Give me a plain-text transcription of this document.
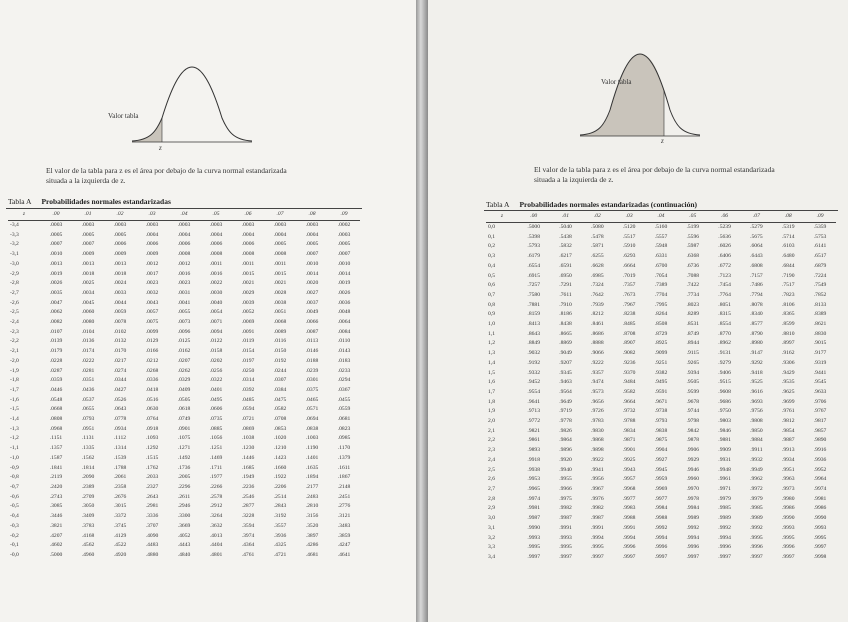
Valor tabla
z
El valor de la tabla para z es el área por debajo de la curva normal estandarizada situada a la izquierda de z.
Tabla A Probabilidades normales estandarizadas
z	.00	.01	.02	.03	.04	.05	.06	.07	.08	.09
-3,4	.0003	.0003	.0003	.0003	.0003	.0003	.0003	.0003	.0003	.0002
-3,3	.0005	.0005	.0005	.0004	.0004	.0004	.0004	.0004	.0004	.0003
-3,2	.0007	.0007	.0006	.0006	.0006	.0006	.0006	.0005	.0005	.0005
-3,1	.0010	.0009	.0009	.0009	.0008	.0008	.0008	.0008	.0007	.0007
-3,0	.0013	.0013	.0013	.0012	.0012	.0011	.0011	.0011	.0010	.0010
-2,9	.0019	.0018	.0018	.0017	.0016	.0016	.0015	.0015	.0014	.0014
-2,8	.0026	.0025	.0024	.0023	.0023	.0022	.0021	.0021	.0020	.0019
-2,7	.0035	.0034	.0033	.0032	.0031	.0030	.0029	.0028	.0027	.0026
-2,6	.0047	.0045	.0044	.0043	.0041	.0040	.0039	.0038	.0037	.0036
-2,5	.0062	.0060	.0059	.0057	.0055	.0054	.0052	.0051	.0049	.0048
-2,4	.0082	.0080	.0078	.0075	.0073	.0071	.0069	.0068	.0066	.0064
-2,3	.0107	.0104	.0102	.0099	.0096	.0094	.0091	.0089	.0087	.0084
-2,2	.0139	.0136	.0132	.0129	.0125	.0122	.0119	.0116	.0113	.0110
-2,1	.0179	.0174	.0170	.0166	.0162	.0158	.0154	.0150	.0146	.0143
-2,0	.0228	.0222	.0217	.0212	.0207	.0202	.0197	.0192	.0188	.0183
-1,9	.0287	.0281	.0274	.0268	.0262	.0256	.0250	.0244	.0239	.0233
-1,8	.0359	.0351	.0344	.0336	.0329	.0322	.0314	.0307	.0301	.0294
-1,7	.0446	.0436	.0427	.0418	.0409	.0401	.0392	.0384	.0375	.0367
-1,6	.0548	.0537	.0526	.0516	.0505	.0495	.0485	.0475	.0465	.0455
-1,5	.0668	.0655	.0643	.0630	.0618	.0606	.0594	.0582	.0571	.0559
-1,4	.0808	.0793	.0778	.0764	.0749	.0735	.0721	.0708	.0694	.0681
-1,3	.0968	.0951	.0934	.0918	.0901	.0885	.0869	.0853	.0838	.0823
-1,2	.1151	.1131	.1112	.1093	.1075	.1056	.1038	.1020	.1003	.0985
-1,1	.1357	.1335	.1314	.1292	.1271	.1251	.1230	.1210	.1190	.1170
-1,0	.1587	.1562	.1539	.1515	.1492	.1469	.1446	.1423	.1401	.1379
-0,9	.1841	.1814	.1788	.1762	.1736	.1711	.1685	.1660	.1635	.1611
-0,8	.2119	.2090	.2061	.2033	.2005	.1977	.1949	.1922	.1894	.1867
-0,7	.2420	.2389	.2358	.2327	.2296	.2266	.2236	.2206	.2177	.2148
-0,6	.2743	.2709	.2676	.2643	.2611	.2578	.2546	.2514	.2483	.2451
-0,5	.3085	.3050	.3015	.2981	.2946	.2912	.2877	.2843	.2810	.2776
-0,4	.3446	.3409	.3372	.3336	.3300	.3264	.3228	.3192	.3156	.3121
-0,3	.3821	.3783	.3745	.3707	.3669	.3632	.3594	.3557	.3520	.3483
-0,2	.4207	.4168	.4129	.4090	.4052	.4013	.3974	.3936	.3897	.3859
-0,1	.4602	.4562	.4522	.4483	.4443	.4404	.4364	.4325	.4286	.4247
-0,0	.5000	.4960	.4920	.4880	.4840	.4801	.4761	.4721	.4681	.4641
Valor tabla
z
El valor de la tabla para z es el área por debajo de la curva normal estandarizada situada a la izquierda de z.
Tabla A Probabilidades normales estandarizadas (continuación)
z	.00	.01	.02	.03	.04	.05	.06	.07	.08	.09
0,0	.5000	.5040	.5080	.5120	.5160	.5199	.5239	.5279	.5319	.5359
0,1	.5398	.5438	.5478	.5517	.5557	.5596	.5636	.5675	.5714	.5753
0,2	.5793	.5832	.5871	.5910	.5948	.5987	.6026	.6064	.6103	.6141
0,3	.6179	.6217	.6255	.6293	.6331	.6368	.6406	.6443	.6480	.6517
0,4	.6554	.6591	.6628	.6664	.6700	.6736	.6772	.6808	.6844	.6879
0,5	.6915	.6950	.6985	.7019	.7054	.7088	.7123	.7157	.7190	.7224
0,6	.7257	.7291	.7324	.7357	.7389	.7422	.7454	.7486	.7517	.7549
0,7	.7580	.7611	.7642	.7673	.7704	.7734	.7764	.7794	.7823	.7852
0,8	.7881	.7910	.7939	.7967	.7995	.8023	.8051	.8078	.8106	.8133
0,9	.8159	.8186	.8212	.8238	.8264	.8289	.8315	.8340	.8365	.8389
1,0	.8413	.8438	.8461	.8485	.8508	.8531	.8554	.8577	.8599	.8621
1,1	.8643	.8665	.8686	.8708	.8729	.8749	.8770	.8790	.8810	.8830
1,2	.8849	.8869	.8888	.8907	.8925	.8944	.8962	.8980	.8997	.9015
1,3	.9032	.9049	.9066	.9082	.9099	.9115	.9131	.9147	.9162	.9177
1,4	.9192	.9207	.9222	.9236	.9251	.9265	.9279	.9292	.9306	.9319
1,5	.9332	.9345	.9357	.9370	.9382	.9394	.9406	.9418	.9429	.9441
1,6	.9452	.9463	.9474	.9484	.9495	.9505	.9515	.9525	.9535	.9545
1,7	.9554	.9564	.9573	.9582	.9591	.9599	.9608	.9616	.9625	.9633
1,8	.9641	.9649	.9656	.9664	.9671	.9678	.9686	.9693	.9699	.9706
1,9	.9713	.9719	.9726	.9732	.9738	.9744	.9750	.9756	.9761	.9767
2,0	.9772	.9778	.9783	.9788	.9793	.9798	.9803	.9808	.9812	.9817
2,1	.9821	.9826	.9830	.9834	.9838	.9842	.9846	.9850	.9854	.9857
2,2	.9861	.9864	.9868	.9871	.9875	.9878	.9881	.9884	.9887	.9890
2,3	.9893	.9896	.9898	.9901	.9904	.9906	.9909	.9911	.9913	.9916
2,4	.9918	.9920	.9922	.9925	.9927	.9929	.9931	.9932	.9934	.9936
2,5	.9938	.9940	.9941	.9943	.9945	.9946	.9948	.9949	.9951	.9952
2,6	.9953	.9955	.9956	.9957	.9959	.9960	.9961	.9962	.9963	.9964
2,7	.9965	.9966	.9967	.9968	.9969	.9970	.9971	.9972	.9973	.9974
2,8	.9974	.9975	.9976	.9977	.9977	.9978	.9979	.9979	.9980	.9981
2,9	.9981	.9982	.9982	.9983	.9984	.9984	.9985	.9985	.9986	.9986
3,0	.9987	.9987	.9987	.9988	.9988	.9989	.9989	.9989	.9990	.9990
3,1	.9990	.9991	.9991	.9991	.9992	.9992	.9992	.9992	.9993	.9993
3,2	.9993	.9993	.9994	.9994	.9994	.9994	.9994	.9995	.9995	.9995
3,3	.9995	.9995	.9995	.9996	.9996	.9996	.9996	.9996	.9996	.9997
3,4	.9997	.9997	.9997	.9997	.9997	.9997	.9997	.9997	.9997	.9998
